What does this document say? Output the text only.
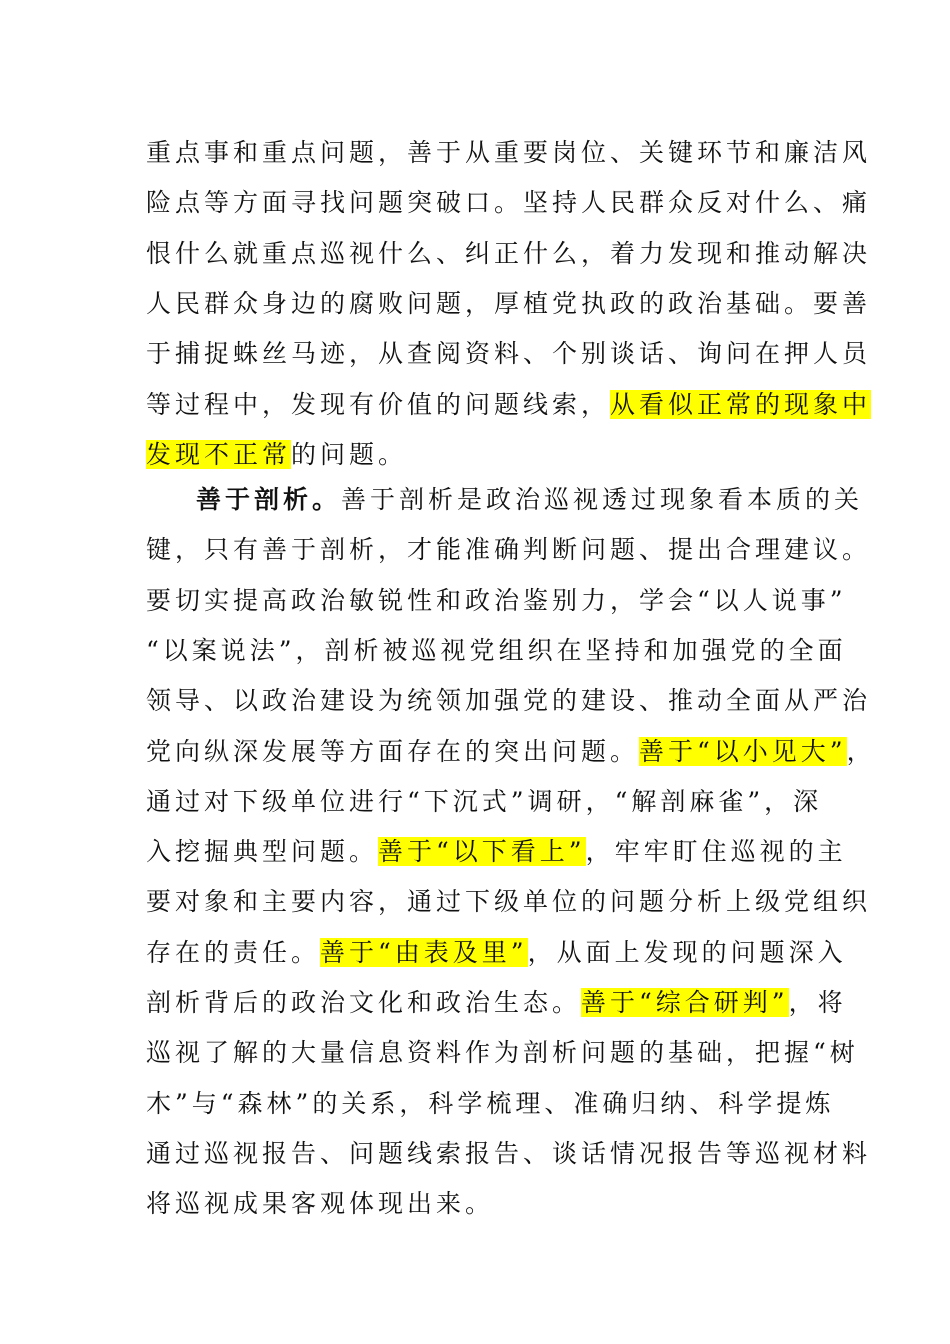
重点事和重点问题，善于从重要岗位、关键环节和廉洁风
险点等方面寻找问题突破口。坚持人民群众反对什么、痛
恨什么就重点巡视什么、纠正什么，着力发现和推动解决
人民群众身边的腐败问题，厚植党执政的政治基础。要善
于捕捉蛛丝马迹，从查阅资料、个别谈话、询问在押人员
等过程中，发现有价值的问题线索，从看似正常的现象中
发现不正常的问题。
善于剖析。善于剖析是政治巡视透过现象看本质的关
键，只有善于剖析，才能准确判断问题、提出合理建议。
要切实提高政治敏锐性和政治鉴别力，学会“以人说事”
“以案说法”，剖析被巡视党组织在坚持和加强党的全面
领导、以政治建设为统领加强党的建设、推动全面从严治
党向纵深发展等方面存在的突出问题。善于“以小见大”，
通过对下级单位进行“下沉式”调研，“解剖麻雀”，深
入挖掘典型问题。善于“以下看上”，牢牢盯住巡视的主
要对象和主要内容，通过下级单位的问题分析上级党组织
存在的责任。善于“由表及里”，从面上发现的问题深入
剖析背后的政治文化和政治生态。善于“综合研判”，将
巡视了解的大量信息资料作为剖析问题的基础，把握“树
木”与“森林”的关系，科学梳理、准确归纳、科学提炼
通过巡视报告、问题线索报告、谈话情况报告等巡视材料
将巡视成果客观体现出来。
